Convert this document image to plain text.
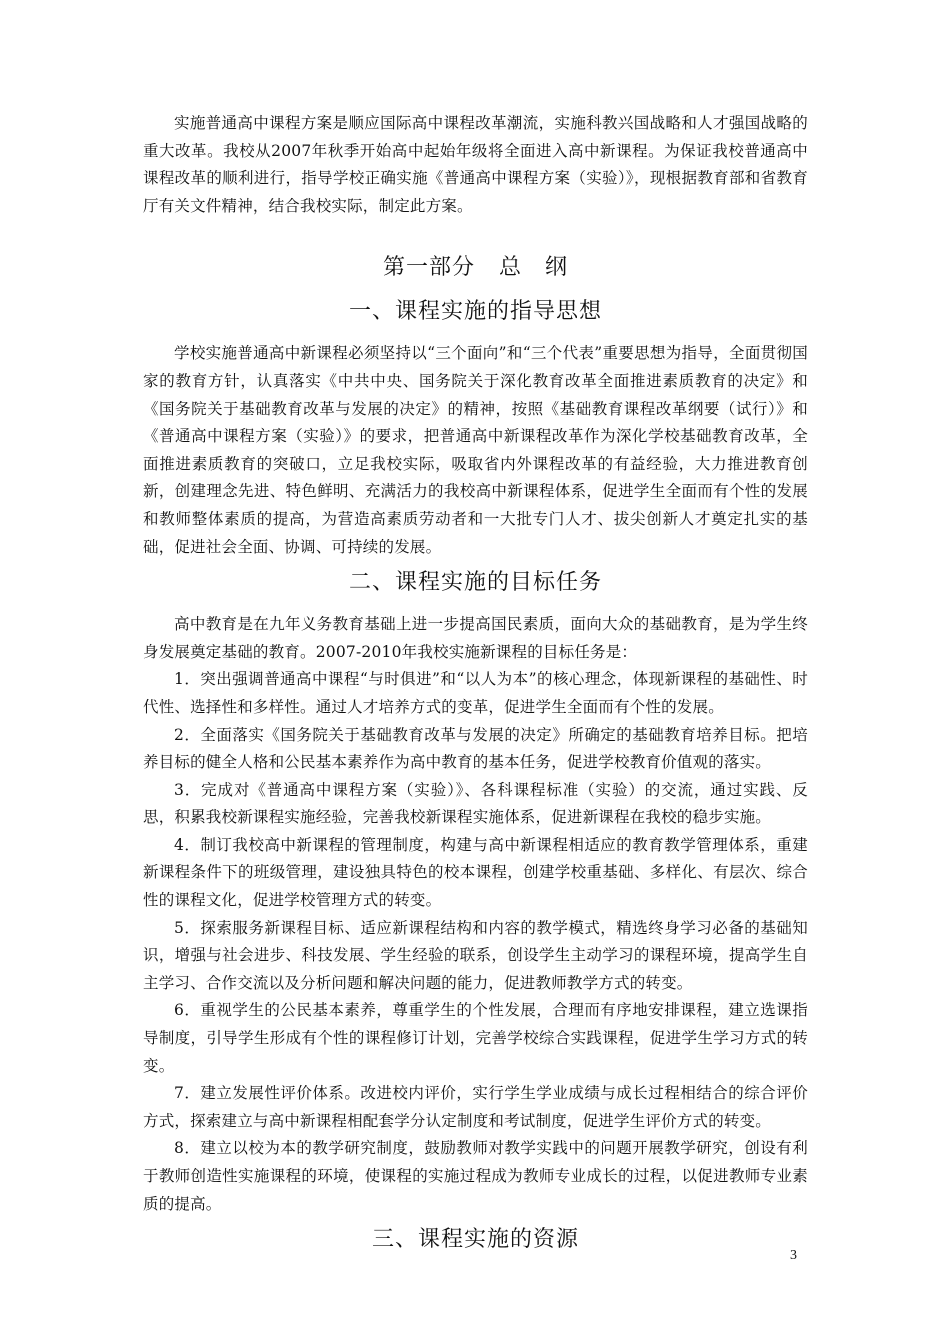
实施普通高中课程方案是顺应国际高中课程改革潮流，实施科教兴国战略和人才强国战略的重大改革。我校从2007年秋季开始高中起始年级将全面进入高中新课程。为保证我校普通高中课程改革的顺利进行，指导学校正确实施《普通高中课程方案（实验）》，现根据教育部和省教育厅有关文件精神，结合我校实际，制定此方案。

第一部分 总　纲
一、课程实施的指导思想

学校实施普通高中新课程必须坚持以“三个面向”和“三个代表”重要思想为指导，全面贯彻国家的教育方针，认真落实《中共中央、国务院关于深化教育改革全面推进素质教育的决定》和《国务院关于基础教育改革与发展的决定》的精神，按照《基础教育课程改革纲要（试行）》和《普通高中课程方案（实验）》的要求，把普通高中新课程改革作为深化学校基础教育改革，全面推进素质教育的突破口，立足我校实际，吸取省内外课程改革的有益经验，大力推进教育创新，创建理念先进、特色鲜明、充满活力的我校高中新课程体系，促进学生全面而有个性的发展和教师整体素质的提高，为营造高素质劳动者和一大批专门人才、拔尖创新人才奠定扎实的基础，促进社会全面、协调、可持续的发展。

二、课程实施的目标任务

高中教育是在九年义务教育基础上进一步提高国民素质，面向大众的基础教育，是为学生终身发展奠定基础的教育。2007-2010年我校实施新课程的目标任务是：

1．突出强调普通高中课程“与时俱进”和“以人为本”的核心理念，体现新课程的基础性、时代性、选择性和多样性。通过人才培养方式的变革，促进学生全面而有个性的发展。

2．全面落实《国务院关于基础教育改革与发展的决定》所确定的基础教育培养目标。把培养目标的健全人格和公民基本素养作为高中教育的基本任务，促进学校教育价值观的落实。

3．完成对《普通高中课程方案（实验）》、各科课程标准（实验）的交流，通过实践、反思，积累我校新课程实施经验，完善我校新课程实施体系，促进新课程在我校的稳步实施。

4．制订我校高中新课程的管理制度，构建与高中新课程相适应的教育教学管理体系，重建新课程条件下的班级管理，建设独具特色的校本课程，创建学校重基础、多样化、有层次、综合性的课程文化，促进学校管理方式的转变。

5．探索服务新课程目标、适应新课程结构和内容的教学模式，精选终身学习必备的基础知识，增强与社会进步、科技发展、学生经验的联系，创设学生主动学习的课程环境，提高学生自主学习、合作交流以及分析问题和解决问题的能力，促进教师教学方式的转变。

6．重视学生的公民基本素养，尊重学生的个性发展，合理而有序地安排课程，建立选课指导制度，引导学生形成有个性的课程修订计划，完善学校综合实践课程，促进学生学习方式的转变。

7．建立发展性评价体系。改进校内评价，实行学生学业成绩与成长过程相结合的综合评价方式，探索建立与高中新课程相配套学分认定制度和考试制度，促进学生评价方式的转变。

8．建立以校为本的教学研究制度，鼓励教师对教学实践中的问题开展教学研究，创设有利于教师创造性实施课程的环境，使课程的实施过程成为教师专业成长的过程，以促进教师专业素质的提高。

三、课程实施的资源
3
